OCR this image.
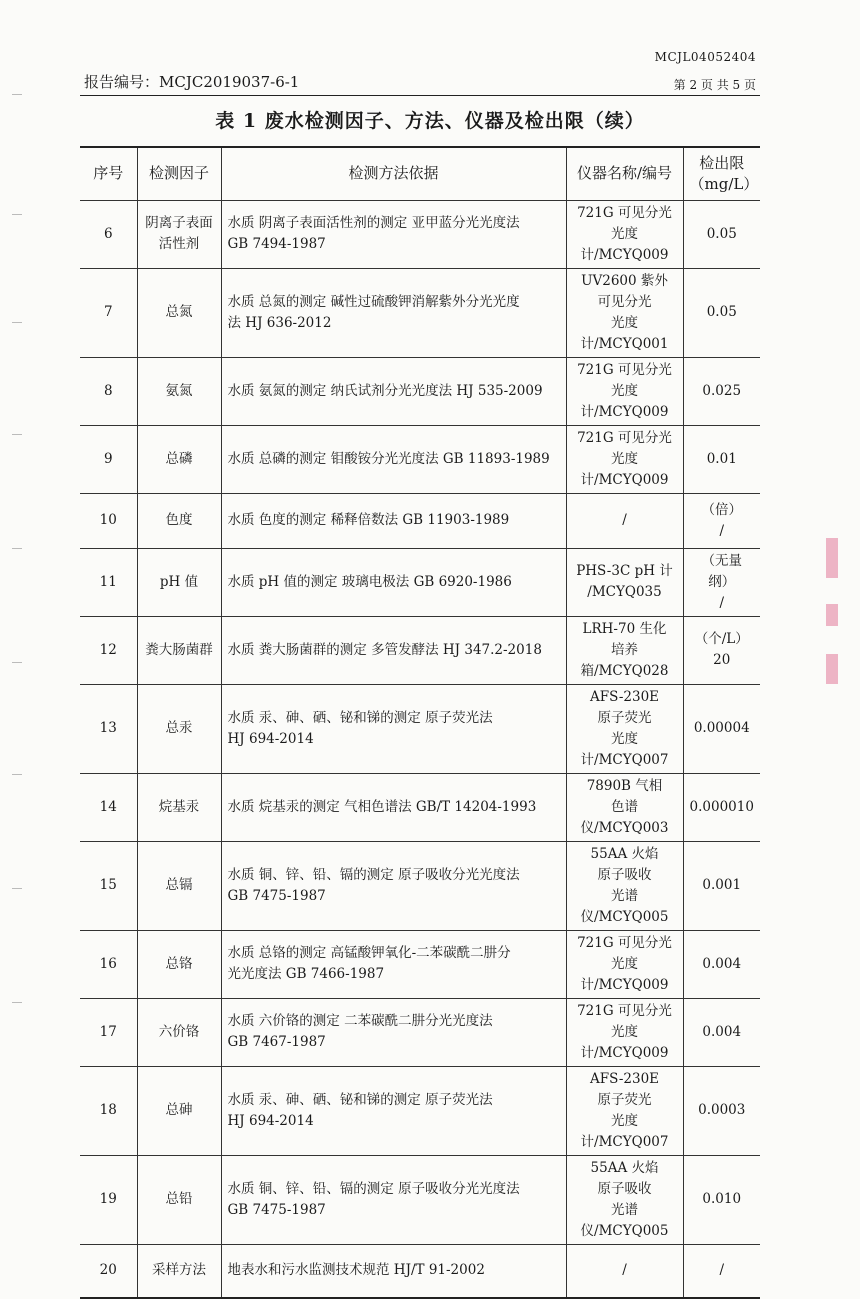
MCJL04052404
报告编号：MCJC2019037-6-1	第 2 页 共 5 页
表 1 废水检测因子、方法、仪器及检出限（续）
序号	检测因子	检测方法依据	仪器名称/编号	检出限
（mg/L）
6	阴离子表面
活性剂	水质 阴离子表面活性剂的测定 亚甲蓝分光光度法
GB 7494-1987	721G 可见分光
光度计/MCYQ009	0.05
7	总氮	水质 总氮的测定 碱性过硫酸钾消解紫外分光光度
法 HJ 636-2012	UV2600 紫外
可见分光
光度计/MCYQ001	0.05
8	氨氮	水质 氨氮的测定 纳氏试剂分光光度法 HJ 535-2009	721G 可见分光
光度计/MCYQ009	0.025
9	总磷	水质 总磷的测定 钼酸铵分光光度法 GB 11893-1989	721G 可见分光
光度计/MCYQ009	0.01
10	色度	水质 色度的测定 稀释倍数法 GB 11903-1989	/	（倍）
/
11	pH 值	水质 pH 值的测定 玻璃电极法 GB 6920-1986	PHS-3C pH 计
/MCYQ035	（无量纲）
/
12	粪大肠菌群	水质 粪大肠菌群的测定 多管发酵法 HJ 347.2-2018	LRH-70 生化
培养箱/MCYQ028	（个/L）
20
13	总汞	水质 汞、砷、硒、铋和锑的测定 原子荧光法
HJ 694-2014	AFS-230E
原子荧光
光度计/MCYQ007	0.00004
14	烷基汞	水质 烷基汞的测定 气相色谱法 GB/T 14204-1993	7890B 气相
色谱仪/MCYQ003	0.000010
15	总镉	水质 铜、锌、铅、镉的测定 原子吸收分光光度法
GB 7475-1987	55AA 火焰
原子吸收
光谱仪/MCYQ005	0.001
16	总铬	水质 总铬的测定 高锰酸钾氧化-二苯碳酰二肼分
光光度法 GB 7466-1987	721G 可见分光
光度计/MCYQ009	0.004
17	六价铬	水质 六价铬的测定 二苯碳酰二肼分光光度法
GB 7467-1987	721G 可见分光
光度计/MCYQ009	0.004
18	总砷	水质 汞、砷、硒、铋和锑的测定 原子荧光法
HJ 694-2014	AFS-230E
原子荧光
光度计/MCYQ007	0.0003
19	总铅	水质 铜、锌、铅、镉的测定 原子吸收分光光度法
GB 7475-1987	55AA 火焰
原子吸收
光谱仪/MCYQ005	0.010
20	采样方法	地表水和污水监测技术规范 HJ/T 91-2002	/	/
